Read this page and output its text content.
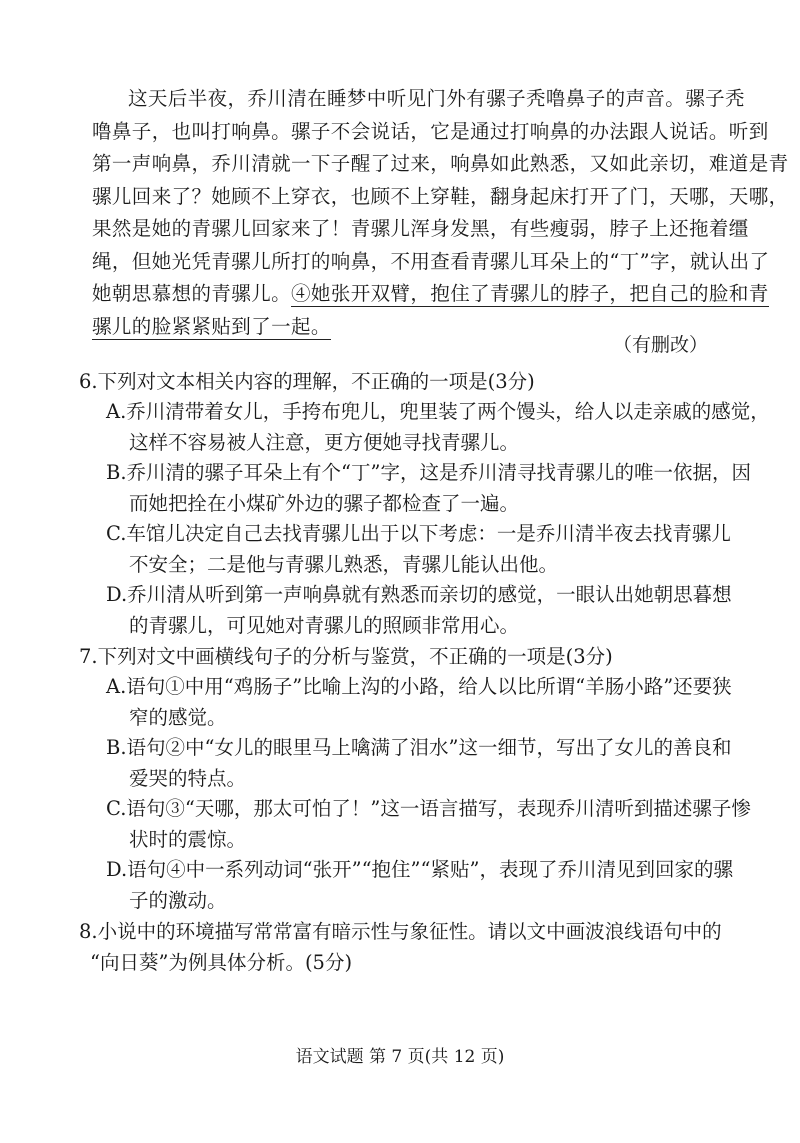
这天后半夜，乔川清在睡梦中听见门外有骡子秃噜鼻子的声音。骡子秃
噜鼻子，也叫打响鼻。骡子不会说话，它是通过打响鼻的办法跟人说话。听到
第一声响鼻，乔川清就一下子醒了过来，响鼻如此熟悉，又如此亲切，难道是青
骡儿回来了？她顾不上穿衣，也顾不上穿鞋，翻身起床打开了门，天哪，天哪，
果然是她的青骡儿回家来了！青骡儿浑身发黑，有些瘦弱，脖子上还拖着缰
绳，但她光凭青骡儿所打的响鼻，不用查看青骡儿耳朵上的“丁”字，就认出了
她朝思慕想的青骡儿。④她张开双臂，抱住了青骡儿的脖子，把自己的脸和青
骡儿的脸紧紧贴到了一起。
（有删改）
6.下列对文本相关内容的理解，不正确的一项是(3分)
A.乔川清带着女儿，手挎布兜儿，兜里装了两个馒头，给人以走亲戚的感觉，
这样不容易被人注意，更方便她寻找青骡儿。
B.乔川清的骡子耳朵上有个“丁”字，这是乔川清寻找青骡儿的唯一依据，因
而她把拴在小煤矿外边的骡子都检查了一遍。
C.车馆儿决定自己去找青骡儿出于以下考虑：一是乔川清半夜去找青骡儿
不安全；二是他与青骡儿熟悉，青骡儿能认出他。
D.乔川清从听到第一声响鼻就有熟悉而亲切的感觉，一眼认出她朝思暮想
的青骡儿，可见她对青骡儿的照顾非常用心。
7.下列对文中画横线句子的分析与鉴赏，不正确的一项是(3分)
A.语句①中用“鸡肠子”比喻上沟的小路，给人以比所谓“羊肠小路”还要狭
窄的感觉。
B.语句②中“女儿的眼里马上噙满了泪水”这一细节，写出了女儿的善良和
爱哭的特点。
C.语句③“天哪，那太可怕了！”这一语言描写，表现乔川清听到描述骡子惨
状时的震惊。
D.语句④中一系列动词“张开”“抱住”“紧贴”，表现了乔川清见到回家的骡
子的激动。
8.小说中的环境描写常常富有暗示性与象征性。请以文中画波浪线语句中的
“向日葵”为例具体分析。(5分)
语文试题 第 7 页(共 12 页)
